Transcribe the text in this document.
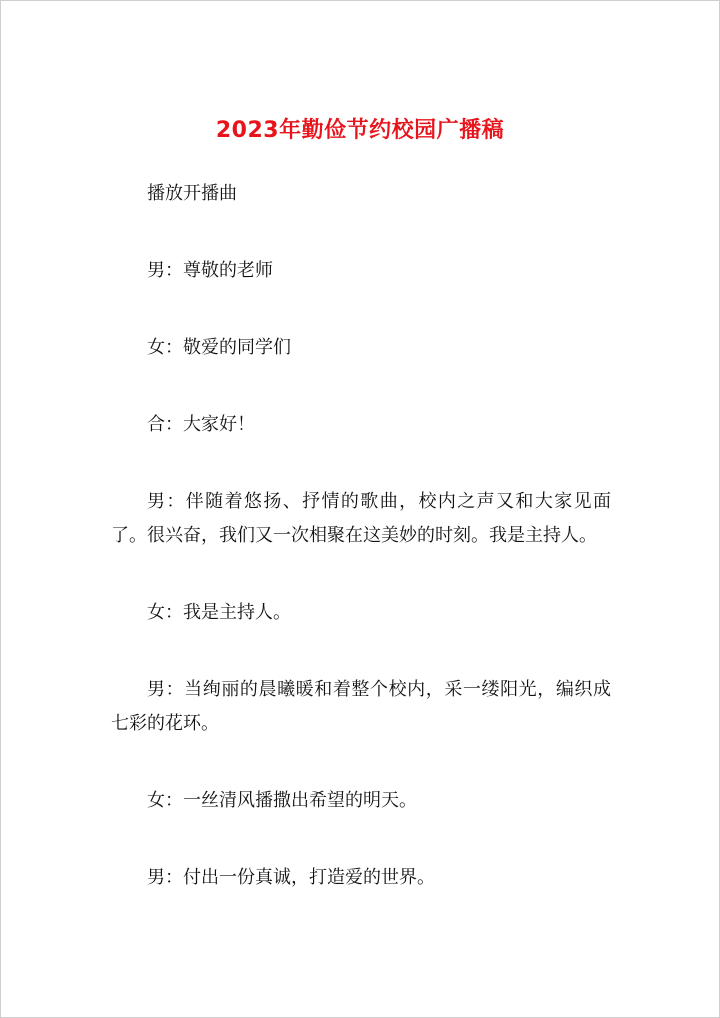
2023年勤俭节约校园广播稿

播放开播曲

男：尊敬的老师

女：敬爱的同学们

合：大家好！

男：伴随着悠扬、抒情的歌曲，校内之声又和大家见面了。很兴奋，我们又一次相聚在这美妙的时刻。我是主持人。

女：我是主持人。

男：当绚丽的晨曦暖和着整个校内，采一缕阳光，编织成七彩的花环。

女：一丝清风播撒出希望的明天。

男：付出一份真诚，打造爱的世界。
